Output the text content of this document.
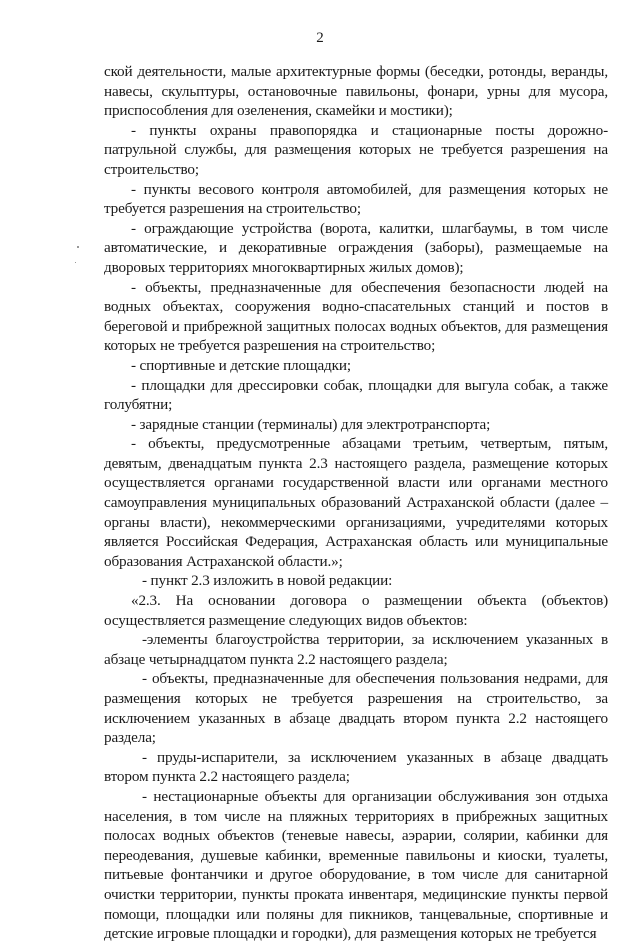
2

ской деятельности, малые архитектурные формы (беседки, ротонды, веранды, навесы, скульптуры, остановочные павильоны, фонари, урны для мусора, приспособления для озеленения, скамейки и мостики);

- пункты охраны правопорядка и стационарные посты дорожно-патрульной службы, для размещения которых не требуется разрешения на строительство;

- пункты весового контроля автомобилей, для размещения которых не требуется разрешения на строительство;

- ограждающие устройства (ворота, калитки, шлагбаумы, в том числе автоматические, и декоративные ограждения (заборы), размещаемые на дворовых территориях многоквартирных жилых домов);

- объекты, предназначенные для обеспечения безопасности людей на водных объектах, сооружения водно-спасательных станций и постов в береговой и прибрежной защитных полосах водных объектов, для размещения которых не требуется разрешения на строительство;

- спортивные и детские площадки;

- площадки для дрессировки собак, площадки для выгула собак, а также голубятни;

- зарядные станции (терминалы) для электротранспорта;

- объекты, предусмотренные абзацами третьим, четвертым, пятым, девятым, двенадцатым пункта 2.3 настоящего раздела, размещение которых осуществляется органами государственной власти или органами местного самоуправления муниципальных образований Астраханской области (далее – органы власти), некоммерческими организациями, учредителями которых является Российская Федерация, Астраханская область или муниципальные образования Астраханской области.»;

- пункт 2.3 изложить в новой редакции:

«2.3. На основании договора о размещении объекта (объектов) осуществляется размещение следующих видов объектов:

-элементы благоустройства территории, за исключением указанных в абзаце четырнадцатом пункта 2.2 настоящего раздела;

- объекты, предназначенные для обеспечения пользования недрами, для размещения которых не требуется разрешения на строительство, за исключением указанных в абзаце двадцать втором пункта 2.2 настоящего раздела;

- пруды-испарители, за исключением указанных в абзаце двадцать втором пункта 2.2 настоящего раздела;

- нестационарные объекты для организации обслуживания зон отдыха населения, в том числе на пляжных территориях в прибрежных защитных полосах водных объектов (теневые навесы, аэрарии, солярии, кабинки для переодевания, душевые кабинки, временные павильоны и киоски, туалеты, питьевые фонтанчики и другое оборудование, в том числе для санитарной очистки территории, пункты проката инвентаря, медицинские пункты первой помощи, площадки или поляны для пикников, танцевальные, спортивные и детские игровые площадки и городки), для размещения которых не требуется
